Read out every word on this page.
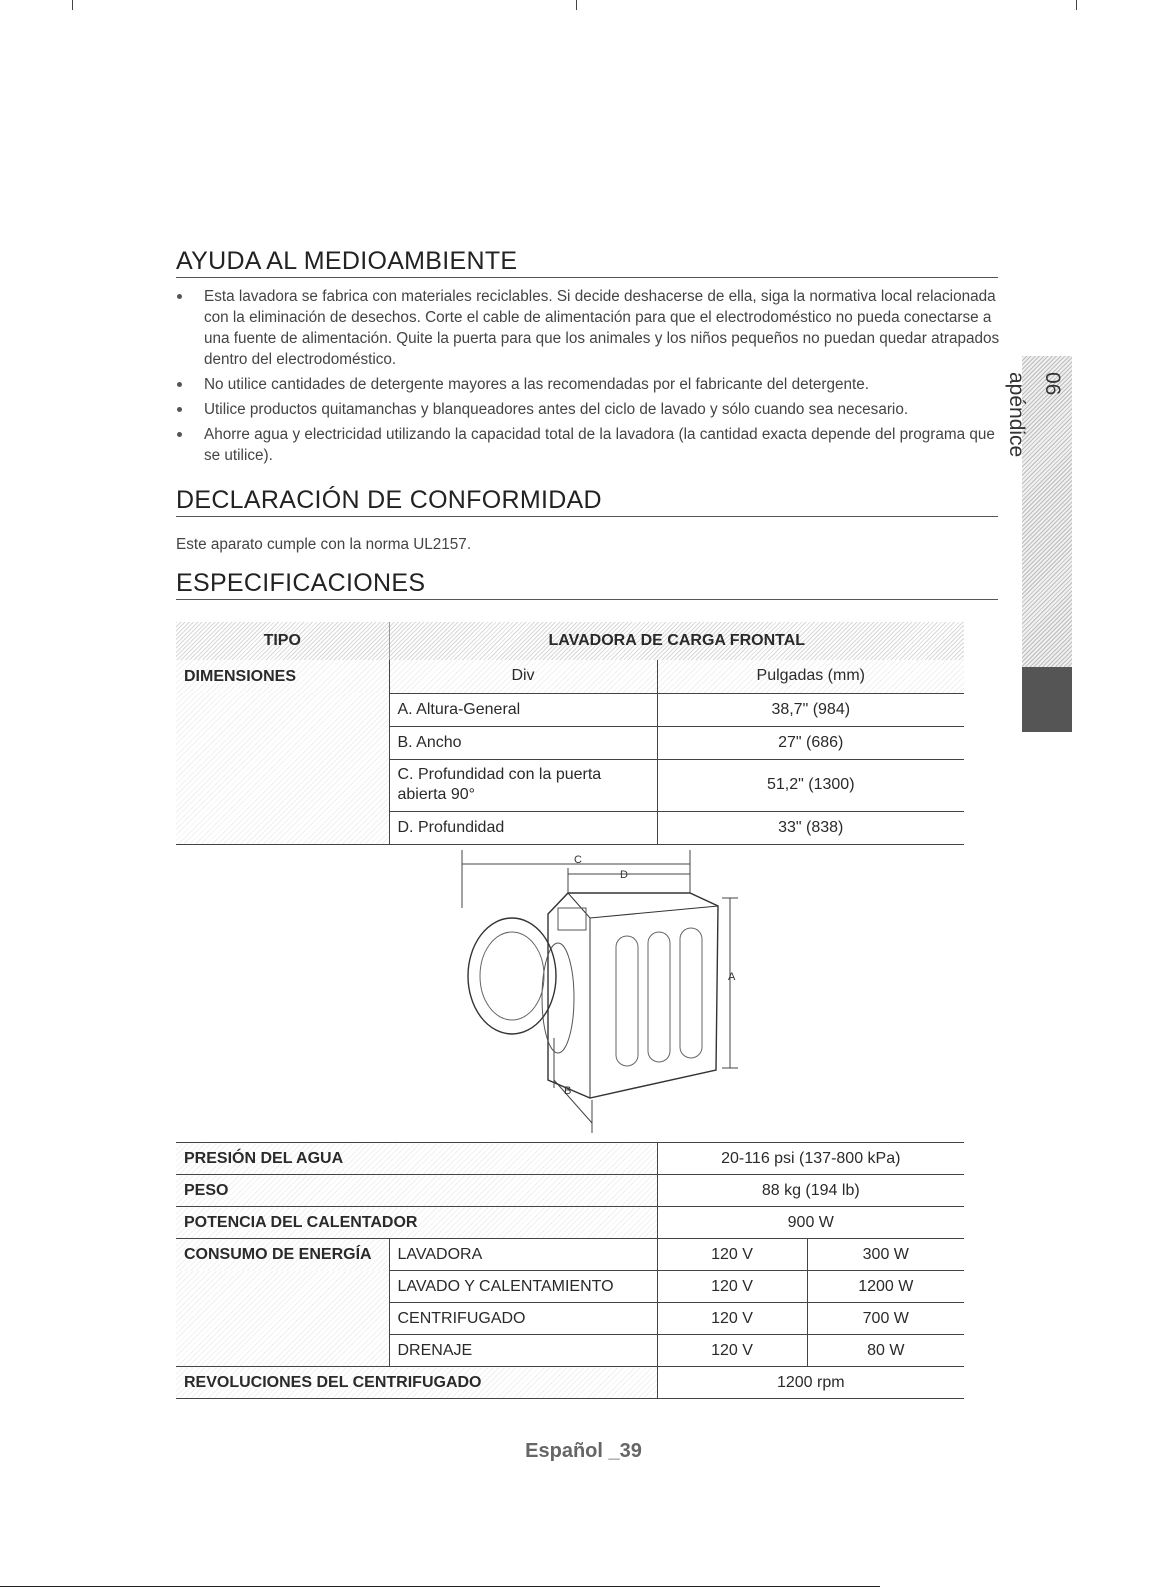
AYUDA AL MEDIOAMBIENTE
Esta lavadora se fabrica con materiales reciclables. Si decide deshacerse de ella, siga la normativa local relacionada con la eliminación de desechos. Corte el cable de alimentación para que el electrodoméstico no pueda conectarse a una fuente de alimentación. Quite la puerta para que los animales y los niños pequeños no puedan quedar atrapados dentro del electrodoméstico.
No utilice cantidades de detergente mayores a las recomendadas por el fabricante del detergente.
Utilice productos quitamanchas y blanqueadores antes del ciclo de lavado y sólo cuando sea necesario.
Ahorre agua y electricidad utilizando la capacidad total de la lavadora (la cantidad exacta depende del programa que se utilice).
DECLARACIÓN DE CONFORMIDAD
Este aparato cumple con la norma UL2157.
ESPECIFICACIONES
TIPO	LAVADORA DE CARGA FRONTAL	
DIMENSIONES	Div	Pulgadas (mm)
	A. Altura-General	38,7" (984)
	B. Ancho	27" (686)
	C. Profundidad con la puerta abierta 90°	51,2" (1300)
	D. Profundidad	33" (838)
C
D
A
B
PRESIÓN DEL AGUA		20-116 psi (137-800 kPa)	
PESO		88 kg (194 lb)	
POTENCIA DEL CALENTADOR		900 W	
CONSUMO DE ENERGÍA	LAVADORA	120 V	300 W
	LAVADO Y CALENTAMIENTO	120 V	1200 W
	CENTRIFUGADO	120 V	700 W
	DRENAJE	120 V	80 W
REVOLUCIONES DEL CENTRIFUGADO		1200 rpm	
06 apéndice
Español _39
